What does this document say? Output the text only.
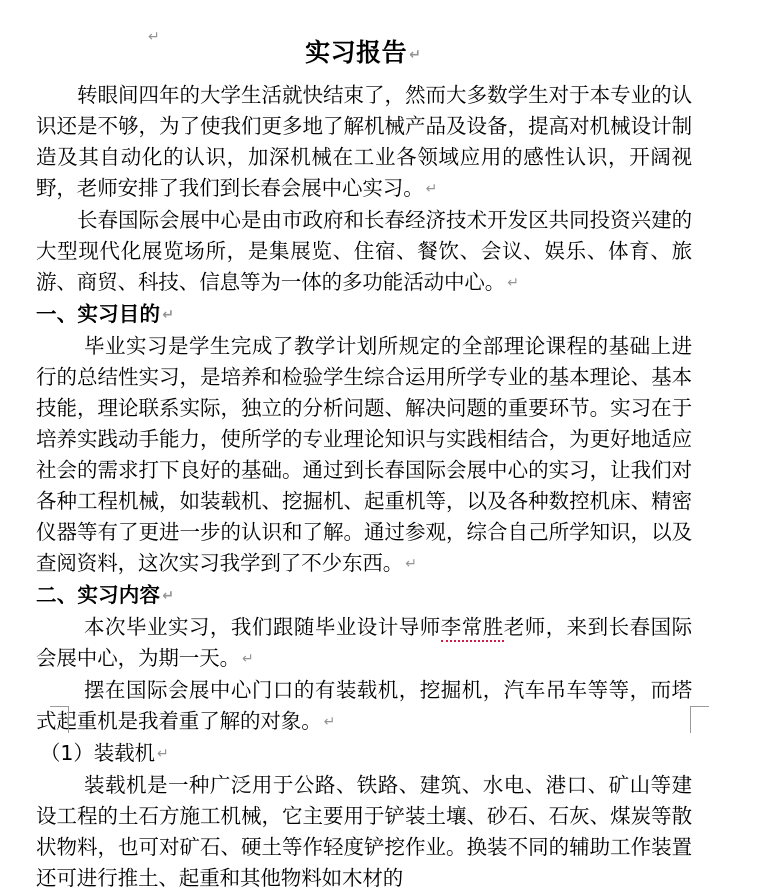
↵
实习报告 ↵

转眼间四年的大学生活就快结束了，然而大多数学生对于本专业的认识还是不够，为了使我们更多地了解机械产品及设备，提高对机械设计制造及其自动化的认识，加深机械在工业各领域应用的感性认识，开阔视野，老师安排了我们到长春会展中心实习。 ↵

长春国际会展中心是由市政府和长春经济技术开发区共同投资兴建的大型现代化展览场所，是集展览、住宿、餐饮、会议、娱乐、体育、旅游、商贸、科技、信息等为一体的多功能活动中心。 ↵

一、实习目的 ↵

毕业实习是学生完成了教学计划所规定的全部理论课程的基础上进行的总结性实习，是培养和检验学生综合运用所学专业的基本理论、基本技能，理论联系实际，独立的分析问题、解决问题的重要环节。实习在于培养实践动手能力，使所学的专业理论知识与实践相结合，为更好地适应社会的需求打下良好的基础。通过到长春国际会展中心的实习，让我们对各种工程机械，如装载机、挖掘机、起重机等，以及各种数控机床、精密仪器等有了更进一步的认识和了解。通过参观，综合自己所学知识，以及查阅资料，这次实习我学到了不少东西。 ↵

二、实习内容 ↵

本次毕业实习，我们跟随毕业设计导师李常胜老师，来到长春国际会展中心，为期一天。 ↵

摆在国际会展中心门口的有装载机，挖掘机，汽车吊车等等，而塔式起重机是我着重了解的对象。 ↵

（1）装载机 ↵

装载机是一种广泛用于公路、铁路、建筑、水电、港口、矿山等建设工程的土石方施工机械，它主要用于铲装土壤、砂石、石灰、煤炭等散状物料，也可对矿石、硬土等作轻度铲挖作业。换装不同的辅助工作装置还可进行推土、起重和其他物料如木材的
